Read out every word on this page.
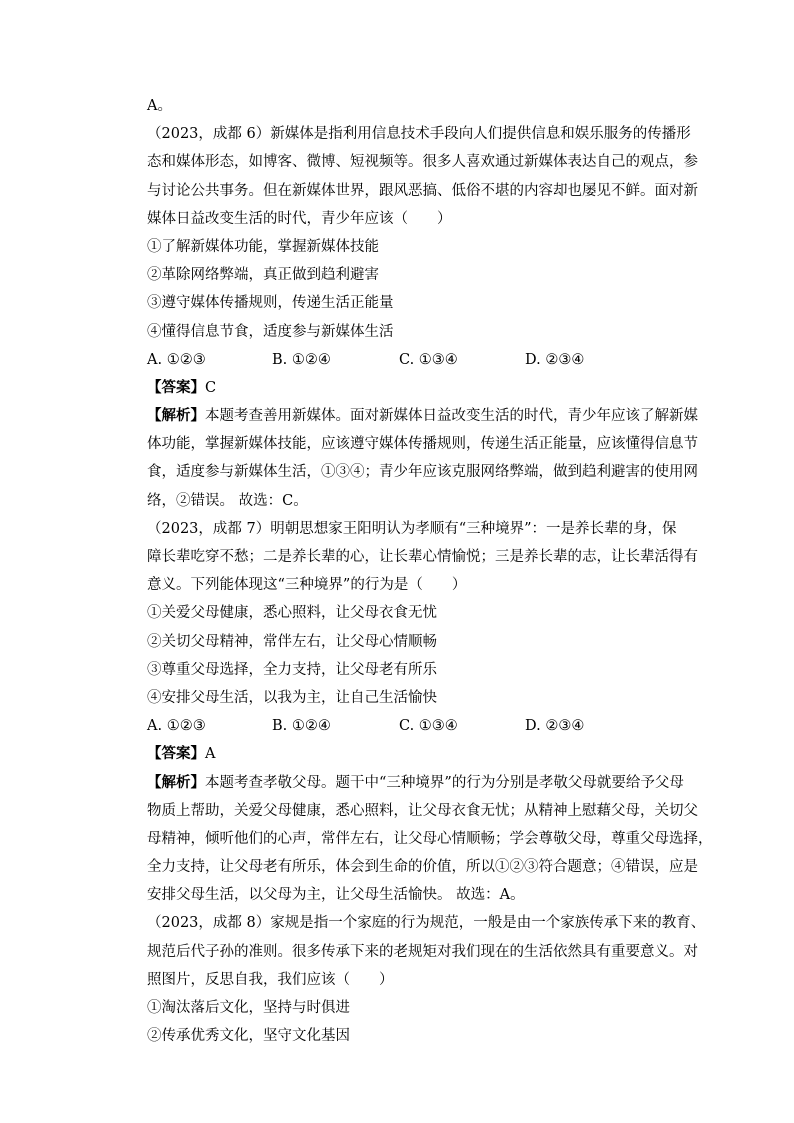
A。
（2023，成都 6）新媒体是指利用信息技术手段向人们提供信息和娱乐服务的传播形
态和媒体形态，如博客、微博、短视频等。很多人喜欢通过新媒体表达自己的观点，参
与讨论公共事务。但在新媒体世界，跟风恶搞、低俗不堪的内容却也屡见不鲜。面对新
媒体日益改变生活的时代，青少年应该（　　）
①了解新媒体功能，掌握新媒体技能
②革除网络弊端，真正做到趋利避害
③遵守媒体传播规则，传递生活正能量
④懂得信息节食，适度参与新媒体生活
A. ①②③	B. ①②④	C. ①③④	D. ②③④
【答案】C
【解析】本题考查善用新媒体。面对新媒体日益改变生活的时代，青少年应该了解新媒
体功能，掌握新媒体技能，应该遵守媒体传播规则，传递生活正能量，应该懂得信息节
食，适度参与新媒体生活，①③④；青少年应该克服网络弊端，做到趋利避害的使用网
络，②错误。 故选：C。
（2023，成都 7）明朝思想家王阳明认为孝顺有“三种境界”：一是养长辈的身，保
障长辈吃穿不愁；二是养长辈的心，让长辈心情愉悦；三是养长辈的志，让长辈活得有
意义。下列能体现这“三种境界”的行为是（　　）
①关爱父母健康，悉心照料，让父母衣食无忧
②关切父母精神，常伴左右，让父母心情顺畅
③尊重父母选择，全力支持，让父母老有所乐
④安排父母生活，以我为主，让自己生活愉快
A. ①②③	B. ①②④	C. ①③④	D. ②③④
【答案】A
【解析】本题考查孝敬父母。题干中“三种境界”的行为分别是孝敬父母就要给予父母
物质上帮助，关爱父母健康，悉心照料，让父母衣食无忧；从精神上慰藉父母，关切父
母精神，倾听他们的心声，常伴左右，让父母心情顺畅；学会尊敬父母，尊重父母选择，
全力支持，让父母老有所乐，体会到生命的价值，所以①②③符合题意；④错误，应是
安排父母生活，以父母为主，让父母生活愉快。 故选：A。
（2023，成都 8）家规是指一个家庭的行为规范，一般是由一个家族传承下来的教育、
规范后代子孙的准则。很多传承下来的老规矩对我们现在的生活依然具有重要意义。对
照图片，反思自我，我们应该（　　）
①淘汰落后文化，坚持与时俱进
②传承优秀文化，坚守文化基因
